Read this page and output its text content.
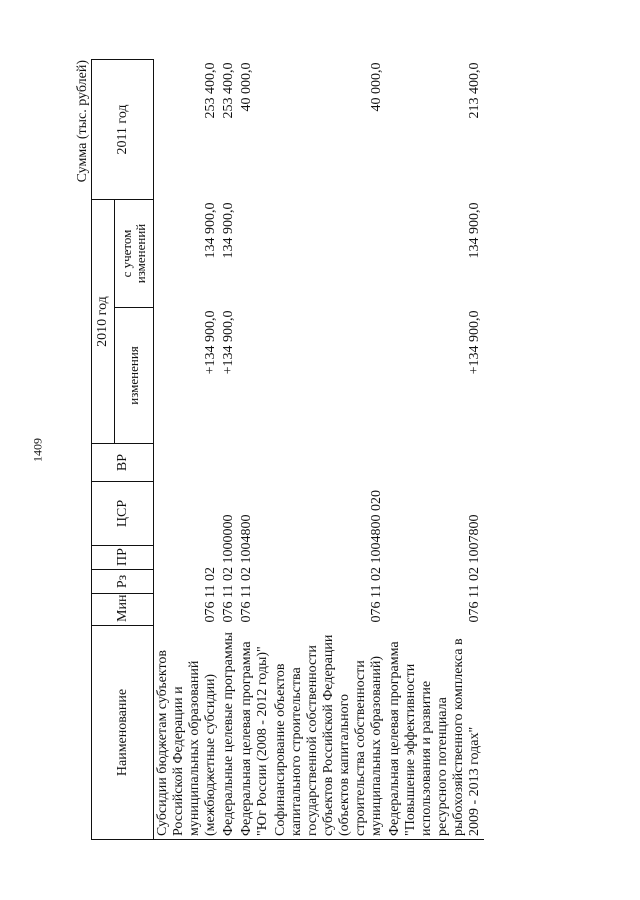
1409
Сумма (тыс. рублей)
Наименование	Мин	Рз	ПР	ЦСР	ВР	2010 год		2011 год
						изменения	с учетом изменений	
Субсидии бюджетам субъектов Российской Федерации и муниципальных образований (межбюджетные субсидии)	076 11 02					+134 900,0	134 900,0	253 400,0
Федеральные целевые программы	076 11 02 1000000					+134 900,0	134 900,0	253 400,0
Федеральная целевая программа "Юг России (2008 - 2012 годы)"	076 11 02 1004800							40 000,0
Софинансирование объектов капитального строительства государственной собственности субъектов Российской Федерации (объектов капитального строительства собственности муниципальных образований)	076 11 02 1004800 020							40 000,0
Федеральная целевая программа "Повышение эффективности использования и развитие ресурсного потенциала рыбохозяйственного комплекса в 2009 - 2013 годах"	076 11 02 1007800					+134 900,0	134 900,0	213 400,0
